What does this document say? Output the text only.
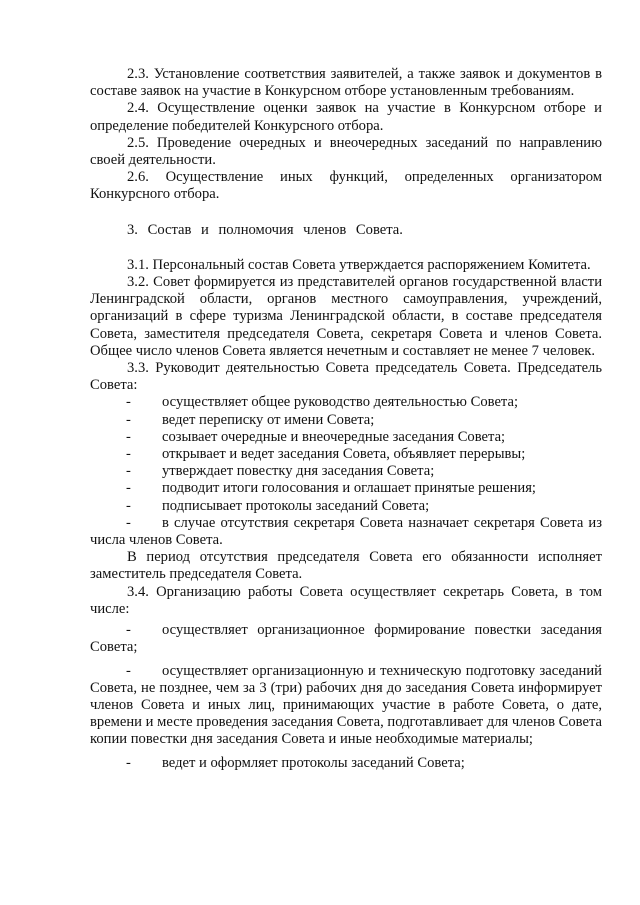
2.3. Установление соответствия заявителей, а также заявок и документов в составе заявок на участие в Конкурсном отборе установленным требованиям.

2.4. Осуществление оценки заявок на участие в Конкурсном отборе и определение победителей Конкурсного отбора.

2.5. Проведение очередных и внеочередных заседаний по направлению своей деятельности.

2.6. Осуществление иных функций, определенных организатором Конкурсного отбора.

3. Состав и полномочия членов Совета.

3.1. Персональный состав Совета утверждается распоряжением Комитета.

3.2. Совет формируется из представителей органов государственной власти Ленинградской области, органов местного самоуправления, учреждений, организаций в сфере туризма Ленинградской области, в составе председателя Совета, заместителя председателя Совета, секретаря Совета и членов Совета. Общее число членов Совета является нечетным и составляет не менее 7 человек.

3.3. Руководит деятельностью Совета председатель Совета. Председатель Совета:

- осуществляет общее руководство деятельностью Совета;

- ведет переписку от имени Совета;

- созывает очередные и внеочередные заседания Совета;

- открывает и ведет заседания Совета, объявляет перерывы;

- утверждает повестку дня заседания Совета;

- подводит итоги голосования и оглашает принятые решения;

- подписывает протоколы заседаний Совета;

- в случае отсутствия секретаря Совета назначает секретаря Совета из числа членов Совета.

В период отсутствия председателя Совета его обязанности исполняет заместитель председателя Совета.

3.4. Организацию работы Совета осуществляет секретарь Совета, в том числе:

- осуществляет организационное формирование повестки заседания Совета;

- осуществляет организационную и техническую подготовку заседаний Совета, не позднее, чем за 3 (три) рабочих дня до заседания Совета информирует членов Совета и иных лиц, принимающих участие в работе Совета, о дате, времени и месте проведения заседания Совета, подготавливает для членов Совета копии повестки дня заседания Совета и иные необходимые материалы;

- ведет и оформляет протоколы заседаний Совета;
